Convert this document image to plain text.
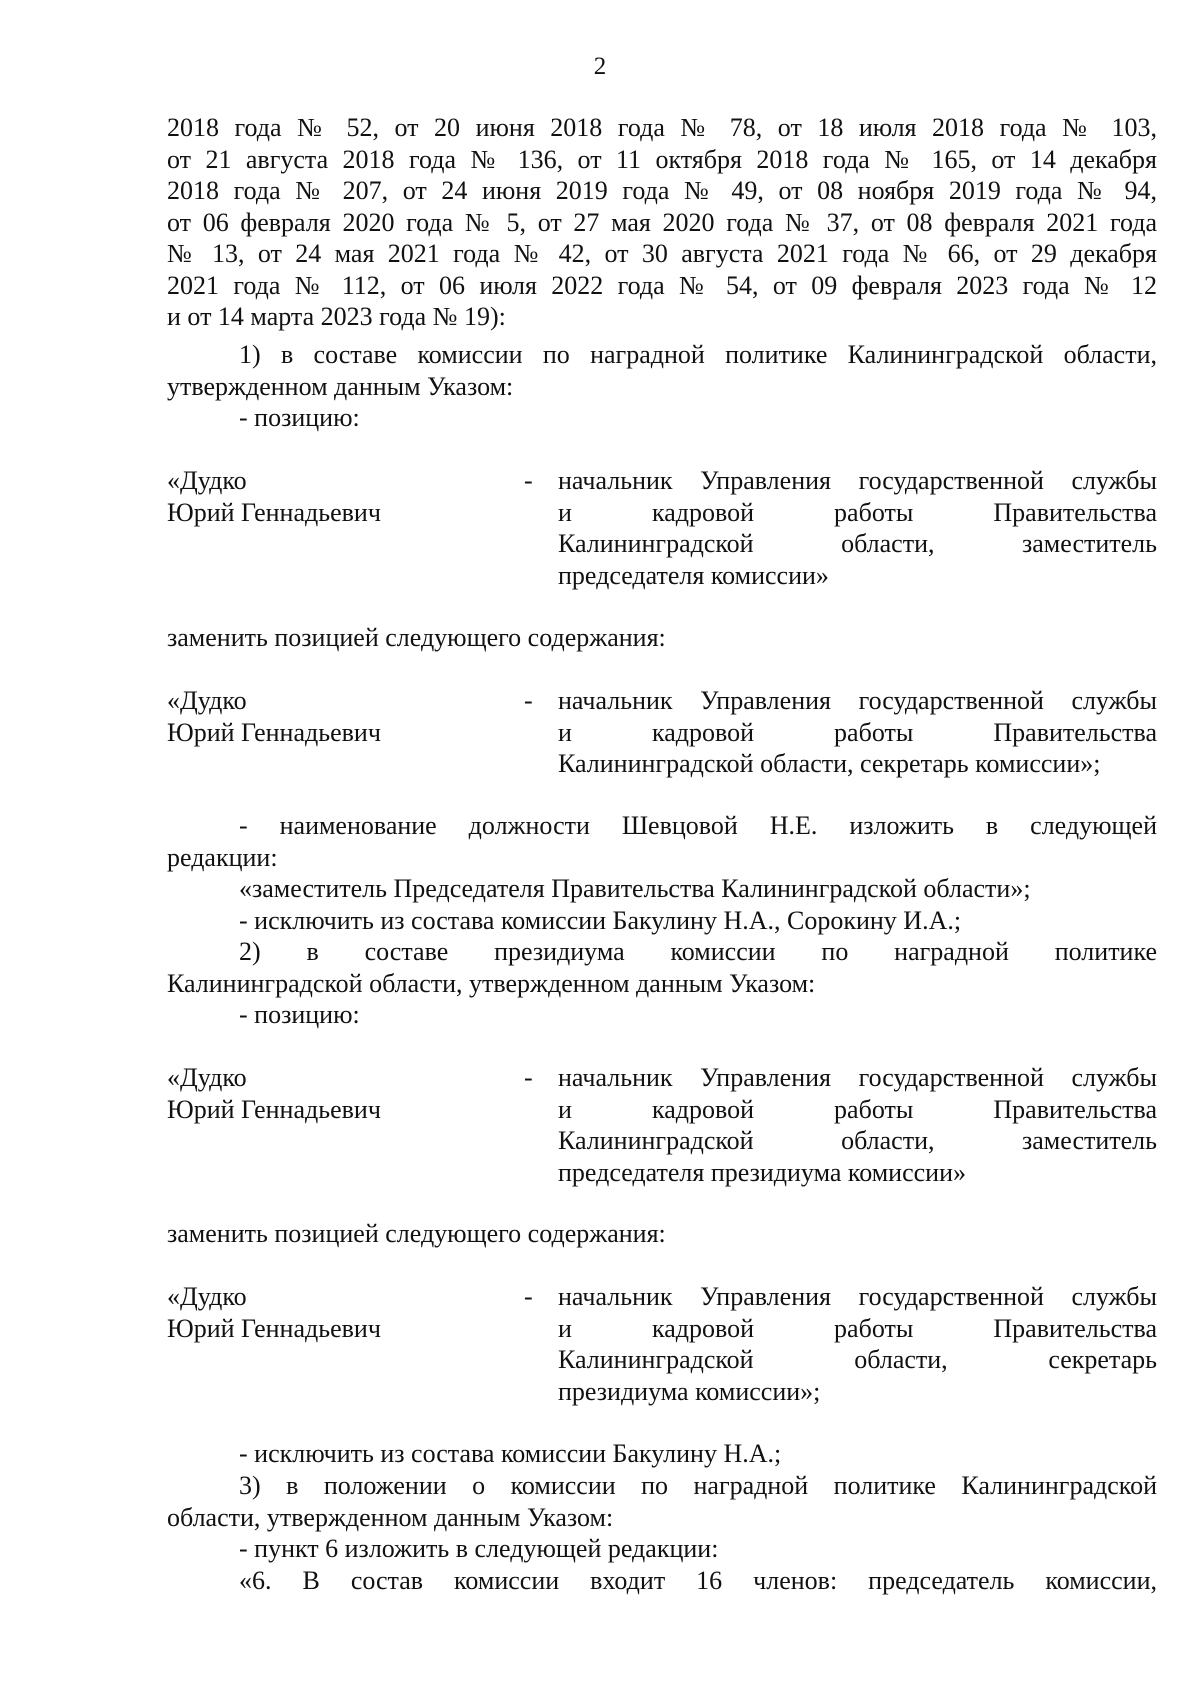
2
2018 года № 52, от 20 июня 2018 года № 78, от 18 июля 2018 года № 103,
от 21 августа 2018 года № 136, от 11 октября 2018 года № 165, от 14 декабря
2018 года № 207, от 24 июня 2019 года № 49, от 08 ноября 2019 года № 94,
от 06 февраля 2020 года № 5, от 27 мая 2020 года № 37, от 08 февраля 2021 года
№ 13, от 24 мая 2021 года № 42, от 30 августа 2021 года № 66, от 29 декабря
2021 года № 112, от 06 июля 2022 года № 54, от 09 февраля 2023 года № 12
и от 14 марта 2023 года № 19):
1) в составе комиссии по наградной политике Калининградской области,
утвержденном данным Указом:
- позицию:
«Дудко
Юрий Геннадьевич
- начальник Управления государственной службы
и кадровой работы Правительства
Калининградской области, заместитель
председателя комиссии»
заменить позицией следующего содержания:
«Дудко
Юрий Геннадьевич
- начальник Управления государственной службы
и кадровой работы Правительства
Калининградской области, секретарь комиссии»;
- наименование должности Шевцовой Н.Е. изложить в следующей
редакции:
«заместитель Председателя Правительства Калининградской области»;
- исключить из состава комиссии Бакулину Н.А., Сорокину И.А.;
2) в составе президиума комиссии по наградной политике
Калининградской области, утвержденном данным Указом:
- позицию:
«Дудко
Юрий Геннадьевич
- начальник Управления государственной службы
и кадровой работы Правительства
Калининградской области, заместитель
председателя президиума комиссии»
заменить позицией следующего содержания:
«Дудко
Юрий Геннадьевич
- начальник Управления государственной службы
и кадровой работы Правительства
Калининградской области, секретарь
президиума комиссии»;
- исключить из состава комиссии Бакулину Н.А.;
3) в положении о комиссии по наградной политике Калининградской
области, утвержденном данным Указом:
- пункт 6 изложить в следующей редакции:
«6. В состав комиссии входит 16 членов: председатель комиссии,
